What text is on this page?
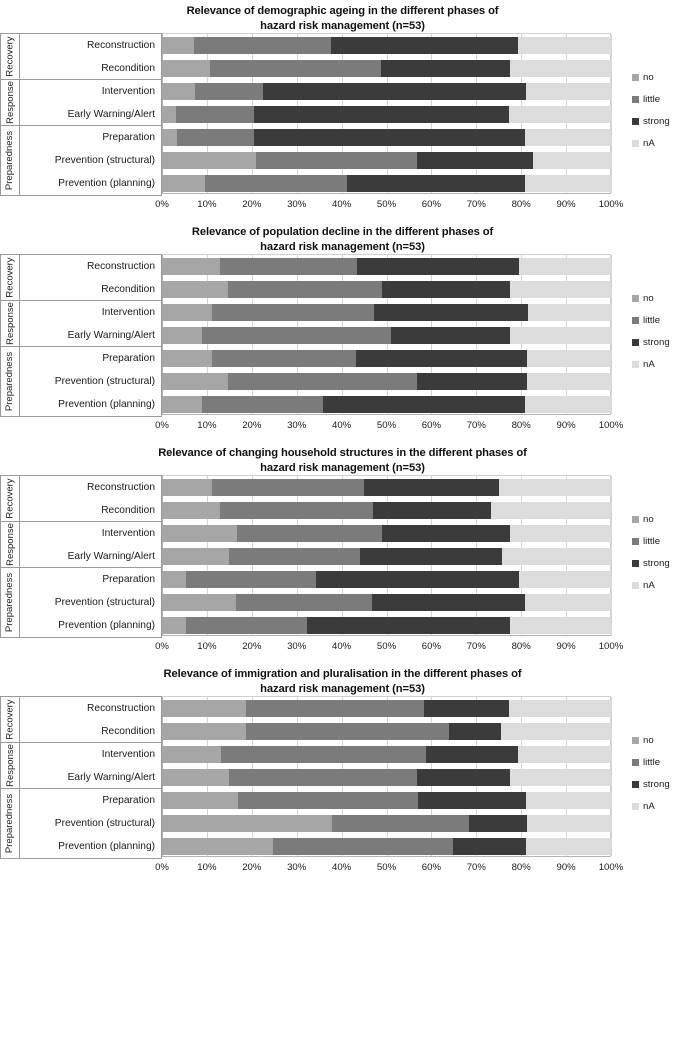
Relevance of demographic ageing in the different phases of
hazard risk management (n=53)
Recovery
Response
Preparedness
Reconstruction
Recondition
Intervention
Early Warning/Alert
Preparation
Prevention (structural)
Prevention (planning)
no
little
strong
nA
0%	10%	20%	30%	40%	50%	60%	70%	80%	90% 100%
Relevance of population decline in the different phases of
hazard risk management (n=53)
Recovery
Response
Preparedness
Reconstruction
Recondition
Intervention
Early Warning/Alert
Preparation
Prevention (structural)
Prevention (planning)
no
little
strong
nA
0%	10%	20%	30%	40%	50%	60%	70%	80%	90% 100%
Relevance of changing household structures in the different phases of
hazard risk management (n=53)
Recovery
Response
Preparedness
Reconstruction
Recondition
Intervention
Early Warning/Alert
Preparation
Prevention (structural)
Prevention (planning)
no
little
strong
nA
0%	10%	20%	30%	40%	50%	60%	70%	80%	90% 100%
Relevance of immigration and pluralisation in the different phases of
hazard risk management (n=53)
Recovery
Response
Preparedness
Reconstruction
Recondition
Intervention
Early Warning/Alert
Preparation
Prevention (structural)
Prevention (planning)
no
little
strong
nA
0%	10%	20%	30%	40%	50%	60%	70%	80%	90% 100%
